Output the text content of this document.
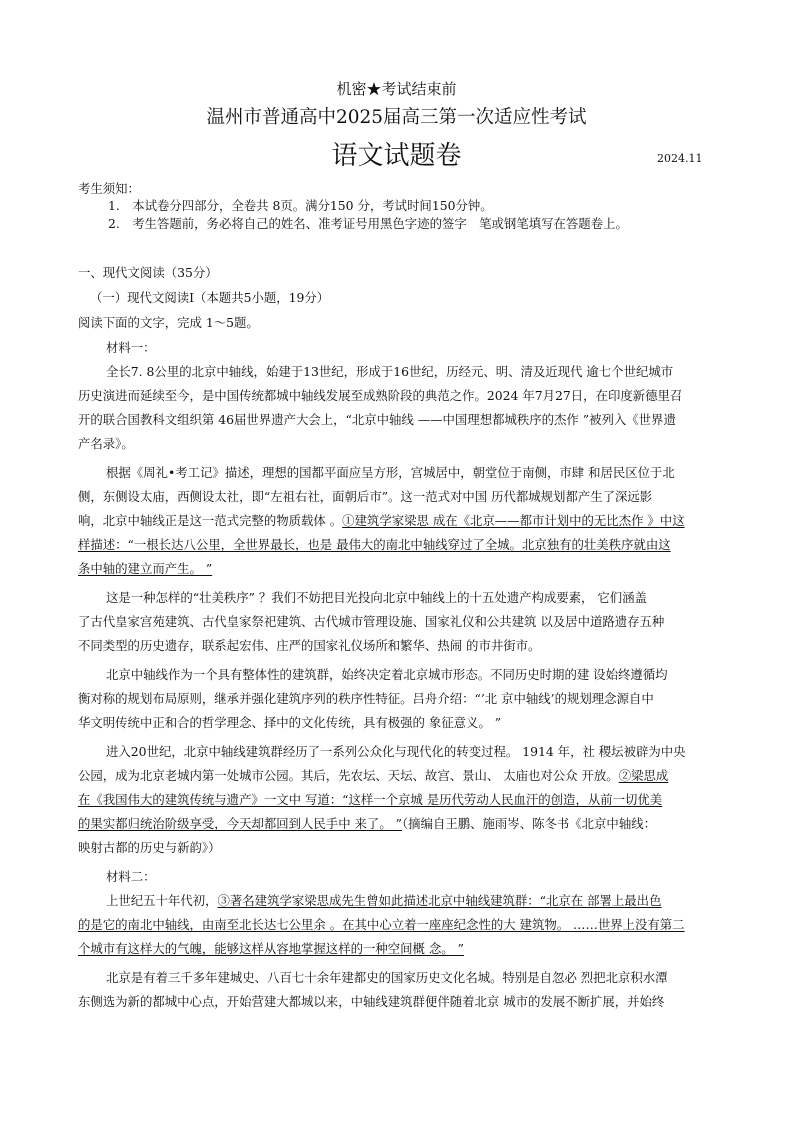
机密★考试结束前
温州市普通高中2025届高三第一次适应性考试
语文试题卷	2024.11
考生须知：
1.　本试卷分四部分，全卷共 8页。满分150 分，考试时间150分钟。
2.　考生答题前，务必将自己的姓名、准考证号用黑色字迹的签字　笔或钢笔填写在答题卷上。
一、现代文阅读（35分）
（一）现代文阅读Ⅰ（本题共5小题，19分）
阅读下面的文字，完成 1～5题。
材料一：
全长7. 8公里的北京中轴线，始建于13世纪，形成于16世纪，历经元、明、清及近现代 逾七个世纪城市
历史演进而延续至今，是中国传统都城中轴线发展至成熟阶段的典范之作。2024 年7月27日，在印度新德里召
开的联合国教科文组织第 46届世界遗产大会上，“北京中轴线 ——中国理想都城秩序的杰作 ”被列入《世界遗
产名录》。
根据《周礼•考工记》描述，理想的国都平面应呈方形，宫城居中，朝堂位于南侧，市肆 和居民区位于北
侧，东侧设太庙，西侧设太社，即“左祖右社，面朝后市”。这一范式对中国 历代都城规划都产生了深远影
响，北京中轴线正是这一范式完整的物质载体 。①建筑学家梁思 成在《北京——都市计划中的无比杰作 》中这
样描述：“一根长达八公里，全世界最长，也是 最伟大的南北中轴线穿过了全城。北京独有的壮美秩序就由这
条中轴的建立而产生。 ”
这是一种怎样的“壮美秩序” ？我们不妨把目光投向北京中轴线上的十五处遗产构成要素， 它们涵盖
了古代皇家宫苑建筑、古代皇家祭祀建筑、古代城市管理设施、国家礼仪和公共建筑 以及居中道路遗存五种
不同类型的历史遗存，联系起宏伟、庄严的国家礼仪场所和繁华、热闹 的市井街市。
北京中轴线作为一个具有整体性的建筑群，始终决定着北京城市形态。不同历史时期的建 设始终遵循均
衡对称的规划布局原则，继承并强化建筑序列的秩序性特征。吕舟介绍：“’北 京中轴线’的规划理念源自中
华文明传统中正和合的哲学理念、择中的文化传统，具有极强的 象征意义。 ”
进入20世纪，北京中轴线建筑群经历了一系列公众化与现代化的转变过程。 1914 年，社 稷坛被辟为中央
公园，成为北京老城内第一处城市公园。其后，先农坛、天坛、故宫、景山、 太庙也对公众 开放。②梁思成
在《我国伟大的建筑传统与遗产》一文中 写道：“这样一个京城 是历代劳动人民血汗的创造，从前一切优美
的果实都归统治阶级享受，今天却都回到人民手中 来了。 ”（摘编自王鹏、施雨岑、陈冬书《北京中轴线：
映射古都的历史与新韵》）
材料二：
上世纪五十年代初，③著名建筑学家梁思成先生曾如此描述北京中轴线建筑群：“北京在 部署上最出色
的是它的南北中轴线，由南至北长达七公里余 。在其中心立着一座座纪念性的大 建筑物。 ……世界上没有第二
个城市有这样大的气魄，能够这样从容地掌握这样的一种空间概 念。 ”
北京是有着三千多年建城史、八百七十余年建都史的国家历史文化名城。特别是自忽必 烈把北京积水潭
东侧选为新的都城中心点，开始营建大都城以来，中轴线建筑群便伴随着北京 城市的发展不断扩展，并始终
